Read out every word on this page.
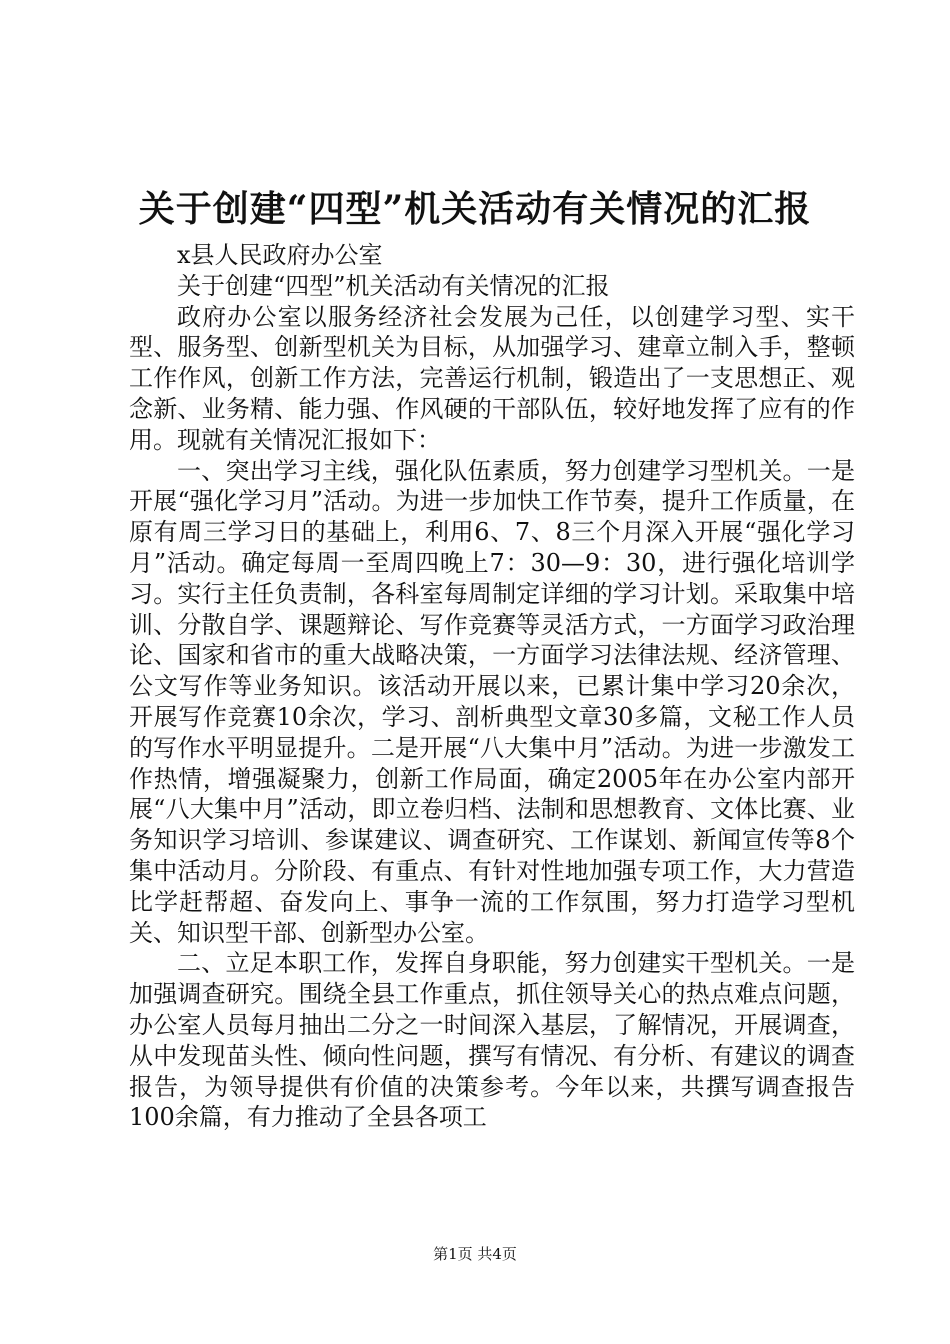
关于创建“四型”机关活动有关情况的汇报

x县人民政府办公室

关于创建“四型”机关活动有关情况的汇报

政府办公室以服务经济社会发展为己任，以创建学习型、实干型、服务型、创新型机关为目标，从加强学习、建章立制入手，整顿工作作风，创新工作方法，完善运行机制，锻造出了一支思想正、观念新、业务精、能力强、作风硬的干部队伍，较好地发挥了应有的作用。现就有关情况汇报如下：

一、突出学习主线，强化队伍素质，努力创建学习型机关。一是开展“强化学习月”活动。为进一步加快工作节奏，提升工作质量，在原有周三学习日的基础上，利用6、7、8三个月深入开展“强化学习月”活动。确定每周一至周四晚上7：30—9：30，进行强化培训学习。实行主任负责制，各科室每周制定详细的学习计划。采取集中培训、分散自学、课题辩论、写作竞赛等灵活方式，一方面学习政治理论、国家和省市的重大战略决策，一方面学习法律法规、经济管理、公文写作等业务知识。该活动开展以来，已累计集中学习20余次，开展写作竞赛10余次，学习、剖析典型文章30多篇，文秘工作人员的写作水平明显提升。二是开展“八大集中月”活动。为进一步激发工作热情，增强凝聚力，创新工作局面，确定2005年在办公室内部开展“八大集中月”活动，即立卷归档、法制和思想教育、文体比赛、业务知识学习培训、参谋建议、调查研究、工作谋划、新闻宣传等8个集中活动月。分阶段、有重点、有针对性地加强专项工作，大力营造比学赶帮超、奋发向上、事争一流的工作氛围，努力打造学习型机关、知识型干部、创新型办公室。

二、立足本职工作，发挥自身职能，努力创建实干型机关。一是加强调查研究。围绕全县工作重点，抓住领导关心的热点难点问题，办公室人员每月抽出二分之一时间深入基层，了解情况，开展调查，从中发现苗头性、倾向性问题，撰写有情况、有分析、有建议的调查报告，为领导提供有价值的决策参考。今年以来，共撰写调查报告100余篇，有力推动了全县各项工

第1页 共4页
